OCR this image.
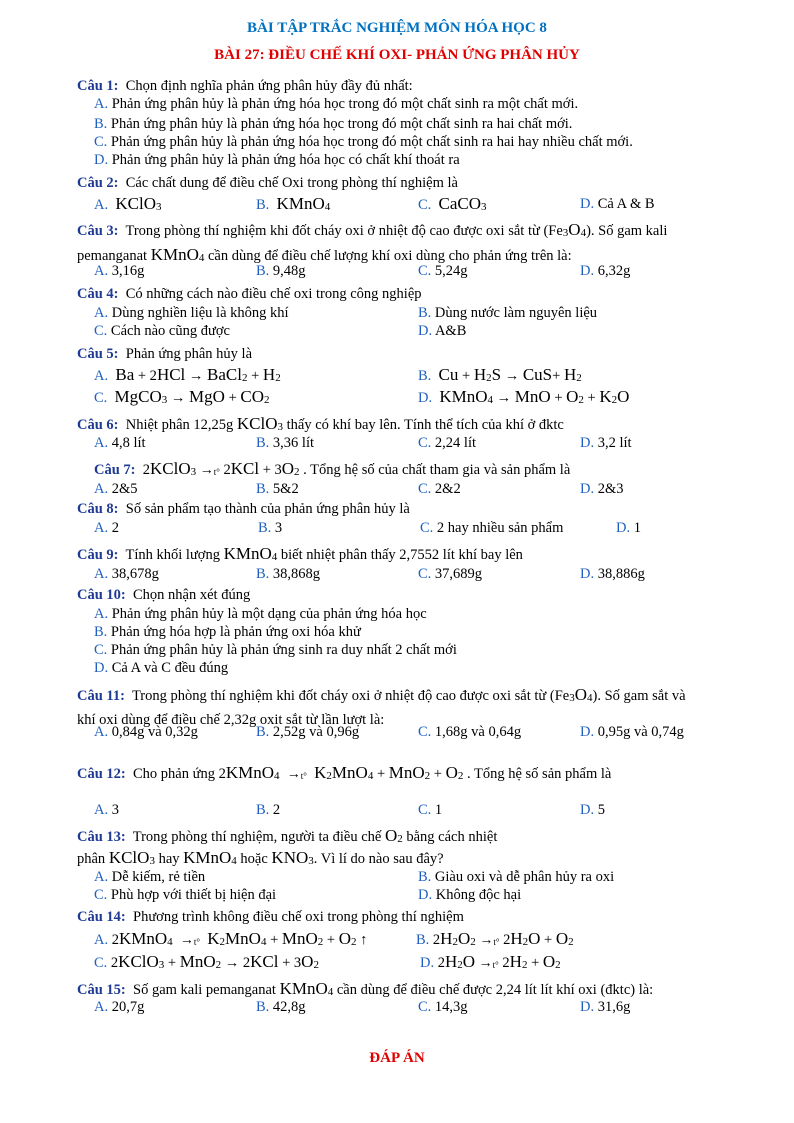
BÀI TẬP TRẮC NGHIỆM MÔN HÓA HỌC 8
BÀI 27: ĐIỀU CHẾ KHÍ OXI- PHẢN ỨNG PHÂN HỦY
Câu 1: Chọn định nghĩa phản ứng phân hủy đầy đủ nhất:
A. Phản ứng phân hủy là phản ứng hóa học trong đó một chất sinh ra một chất mới.
B. Phản ứng phân hủy là phản ứng hóa học trong đó một chất sinh ra hai chất mới.
C. Phản ứng phân hủy là phản ứng hóa học trong đó một chất sinh ra hai hay nhiều chất mới.
D. Phản ứng phân hủy là phản ứng hóa học có chất khí thoát ra
Câu 2: Các chất dung để điều chế Oxi trong phòng thí nghiệm là
A. KClO3	B. KMnO4	C. CaCO3	D. Cả A & B
Câu 3: Trong phòng thí nghiệm khi đốt cháy oxi ở nhiệt độ cao được oxi sắt từ (Fe3O4). Số gam kali
pemanganat KMnO4 cần dùng để điều chế lượng khí oxi dùng cho phản ứng trên là:
A. 3,16g	B. 9,48g	C. 5,24g	D. 6,32g
Câu 4: Có những cách nào điều chế oxi trong công nghiệp
A. Dùng nghiền liệu là không khí	B. Dùng nước làm nguyên liệu
C. Cách nào cũng được	D. A&B
Câu 5: Phản ứng phân hủy là
A. Ba + 2HCl → BaCl2 + H2	B. Cu + H2S → CuS+ H2
C. MgCO3 → MgO + CO2	D. KMnO4 → MnO + O2 + K2O
Câu 6: Nhiệt phân 12,25g KClO3 thấy có khí bay lên. Tính thể tích của khí ở đktc
A. 4,8 lít	B. 3,36 lít	C. 2,24 lít	D. 3,2 lít
Câu 7:  2KClO3 →t° 2KCl + 3O2 . Tổng hệ số của chất tham gia và sản phẩm là
A. 2&5	B. 5&2	C. 2&2	D. 2&3
Câu 8: Số sản phẩm tạo thành của phản ứng phân hủy là
A. 2	B. 3	C. 2 hay nhiều sản phẩm	D. 1
Câu 9: Tính khối lượng KMnO4 biết nhiệt phân thấy 2,7552 lít khí bay lên
A. 38,678g	B. 38,868g	C. 37,689g	D. 38,886g
Câu 10: Chọn nhận xét đúng
A. Phản ứng phân hủy là một dạng của phản ứng hóa học
B. Phản ứng hóa hợp là phản ứng oxi hóa khử
C. Phản ứng phân hủy là phản ứng sinh ra duy nhất 2 chất mới
D. Cả A và C đều đúng
Câu 11: Trong phòng thí nghiệm khi đốt cháy oxi ở nhiệt độ cao được oxi sắt từ (Fe3O4). Số gam sắt và
khí oxi dùng để điều chế 2,32g oxit sắt từ lần lượt là:
A. 0,84g và 0,32g	B. 2,52g và 0,96g	C. 1,68g và 0,64g	D. 0,95g và 0,74g
Câu 12: Cho phản ứng 2KMnO4 →t° K2MnO4 + MnO2 + O2 . Tổng hệ số sản phẩm là
A. 3	B. 2	C. 1	D. 5
Câu 13: Trong phòng thí nghiệm, người ta điều chế O2 bằng cách nhiệt
phân KClO3 hay KMnO4 hoặc KNO3. Vì lí do nào sau đây?
A. Dễ kiếm, rẻ tiền	B. Giàu oxi và dễ phân hủy ra oxi
C. Phù hợp với thiết bị hiện đại	D. Không độc hại
Câu 14: Phương trình không điều chế oxi trong phòng thí nghiệm
A. 2KMnO4 →t° K2MnO4 + MnO2 + O2 ↑	B. 2H2O2 →t° 2H2O + O2
C. 2KClO3 + MnO2 → 2KCl + 3O2	D. 2H2O →t° 2H2 + O2
Câu 15: Số gam kali pemanganat KMnO4 cần dùng để điều chế được 2,24 lít lít khí oxi (đktc) là:
A. 20,7g	B. 42,8g	C. 14,3g	D. 31,6g
ĐÁP ÁN
